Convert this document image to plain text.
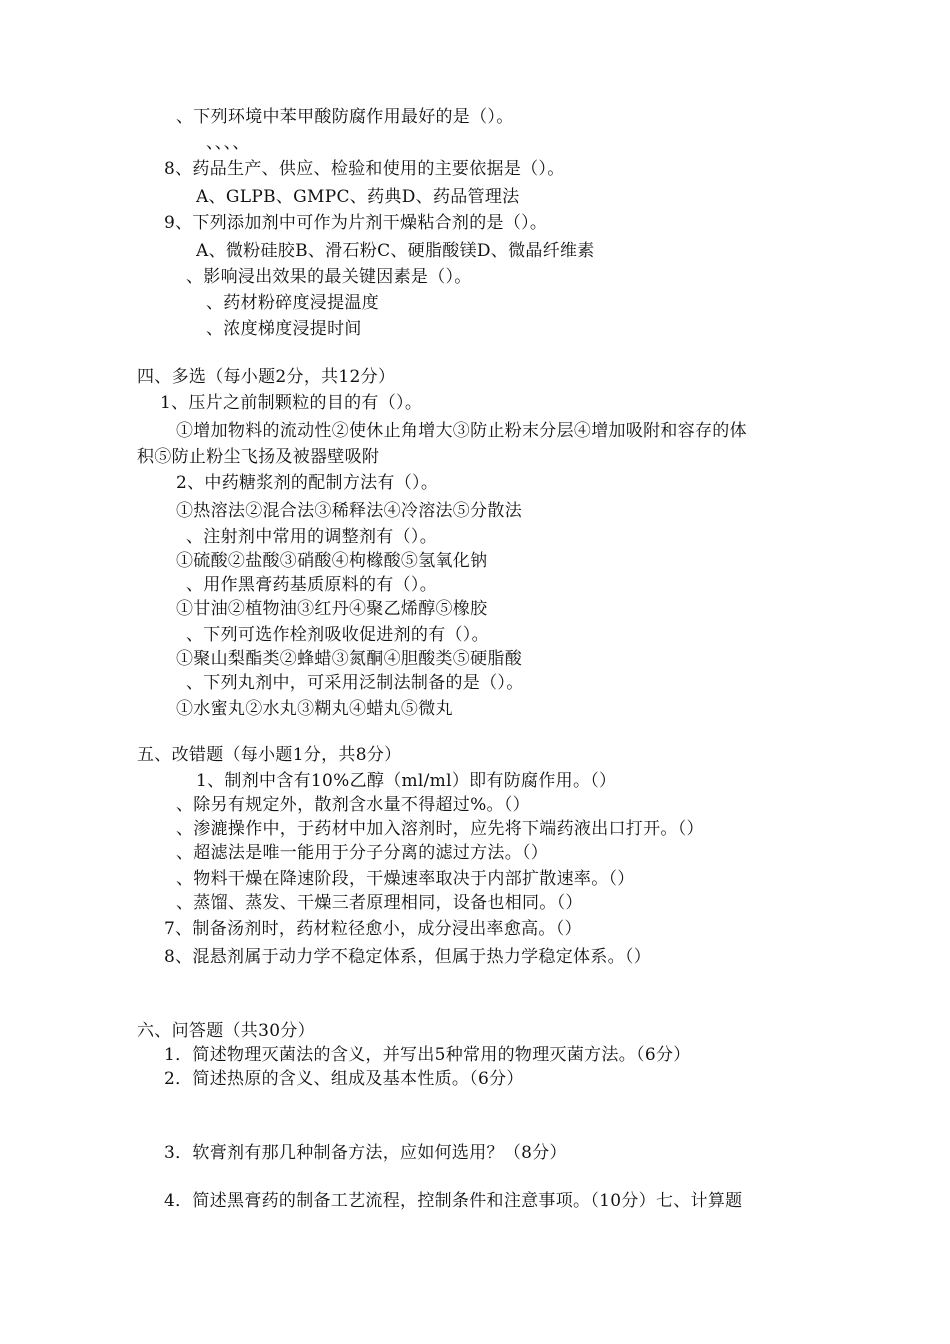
、下列环境中苯甲酸防腐作用最好的是（）。
、、、、
8、药品生产、供应、检验和使用的主要依据是（）。
A、GLPB、GMPC、药典D、药品管理法
9、下列添加剂中可作为片剂干燥粘合剂的是（）。
A、微粉硅胶B、滑石粉C、硬脂酸镁D、微晶纤维素
、影响浸出效果的最关键因素是（）。
、药材粉碎度浸提温度
、浓度梯度浸提时间
四、多选（每小题2分，共12分）
1、压片之前制颗粒的目的有（）。
①增加物料的流动性②使休止角增大③防止粉末分层④增加吸附和容存的体
积⑤防止粉尘飞扬及被器壁吸附
2、中药糖浆剂的配制方法有（）。
①热溶法②混合法③稀释法④冷溶法⑤分散法
、注射剂中常用的调整剂有（）。
①硫酸②盐酸③硝酸④枸橼酸⑤氢氧化钠
、用作黑膏药基质原料的有（）。
①甘油②植物油③红丹④聚乙烯醇⑤橡胶
、下列可选作栓剂吸收促进剂的有（）。
①聚山梨酯类②蜂蜡③氮酮④胆酸类⑤硬脂酸
、下列丸剂中，可采用泛制法制备的是（）。
①水蜜丸②水丸③糊丸④蜡丸⑤微丸
五、改错题（每小题1分，共8分）
1、制剂中含有10%乙醇（ml/ml）即有防腐作用。（）
、除另有规定外，散剂含水量不得超过%。（）
、渗漉操作中，于药材中加入溶剂时，应先将下端药液出口打开。（）
、超滤法是唯一能用于分子分离的滤过方法。（）
、物料干燥在降速阶段，干燥速率取决于内部扩散速率。（）
、蒸馏、蒸发、干燥三者原理相同，设备也相同。（）
7、制备汤剂时，药材粒径愈小，成分浸出率愈高。（）
8、混悬剂属于动力学不稳定体系，但属于热力学稳定体系。（）
六、问答题（共30分）
1．简述物理灭菌法的含义，并写出5种常用的物理灭菌方法。（6分）
2．简述热原的含义、组成及基本性质。（6分）
3．软膏剂有那几种制备方法，应如何选用？（8分）
4．简述黑膏药的制备工艺流程，控制条件和注意事项。（10分）七、计算题
